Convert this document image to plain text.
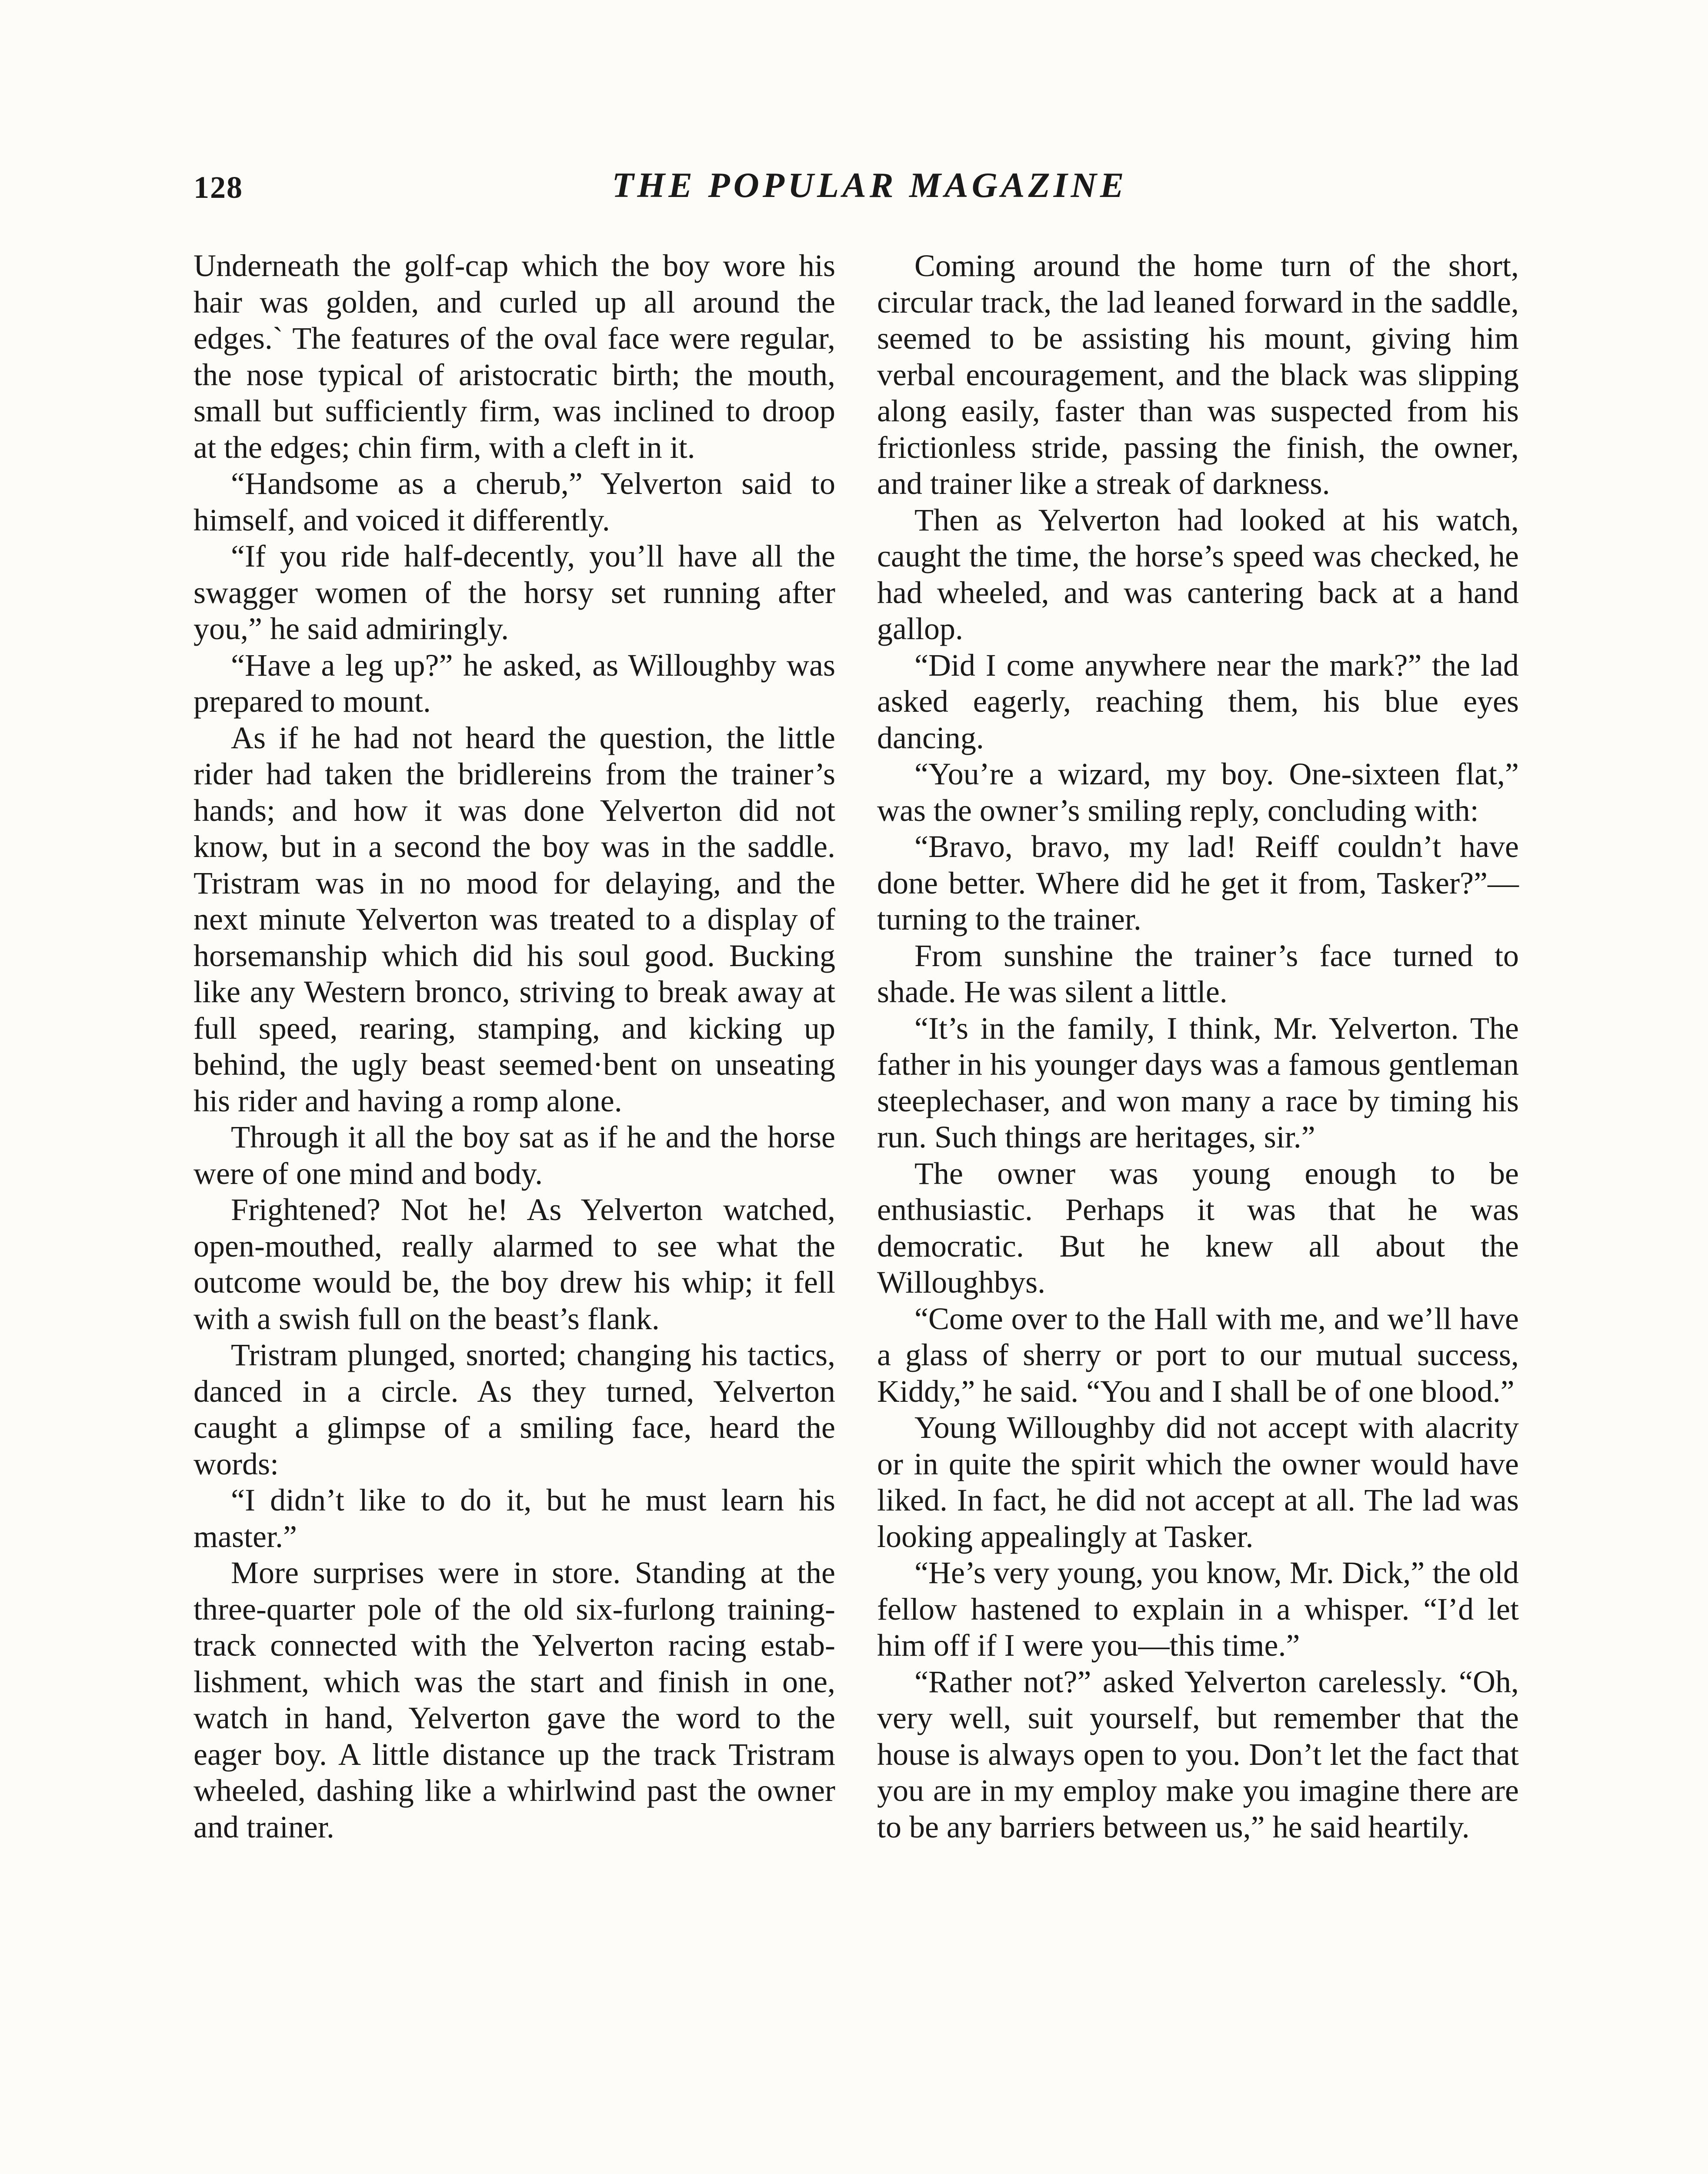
128	THE POPULAR MAGAZINE

Underneath the golf-cap which the boy wore his hair was golden, and curled up all around the edges.` The features of the oval face were regular, the nose typical of aristocratic birth; the mouth, small but sufficiently firm, was inclined to droop at the edges; chin firm, with a cleft in it.

“Handsome as a cherub,” Yelverton said to himself, and voiced it differently.

“If you ride half-decently, you’ll have all the swagger women of the horsy set running after you,” he said admiringly.

“Have a leg up?” he asked, as Willoughby was prepared to mount.

As if he had not heard the question, the little rider had taken the bridlereins from the trainer’s hands; and how it was done Yelverton did not know, but in a second the boy was in the saddle. Tristram was in no mood for delaying, and the next minute Yelverton was treated to a display of horsemanship which did his soul good. Bucking like any Western bronco, striving to break away at full speed, rearing, stamping, and kicking up behind, the ugly beast seemed·bent on unseating his rider and having a romp alone.

Through it all the boy sat as if he and the horse were of one mind and body.

Frightened? Not he! As Yelverton watched, open-mouthed, really alarmed to see what the outcome would be, the boy drew his whip; it fell with a swish full on the beast’s flank.

Tristram plunged, snorted; changing his tactics, danced in a circle. As they turned, Yelverton caught a glimpse of a smiling face, heard the words:

“I didn’t like to do it, but he must learn his master.”

More surprises were in store. Standing at the three-quarter pole of the old six-furlong training-track connected with the Yelverton racing establishment, which was the start and finish in one, watch in hand, Yelverton gave the word to the eager boy. A little distance up the track Tristram wheeled, dashing like a whirlwind past the owner and trainer.

Coming around the home turn of the short, circular track, the lad leaned forward in the saddle, seemed to be assisting his mount, giving him verbal encouragement, and the black was slipping along easily, faster than was suspected from his frictionless stride, passing the finish, the owner, and trainer like a streak of darkness.

Then as Yelverton had looked at his watch, caught the time, the horse’s speed was checked, he had wheeled, and was cantering back at a hand gallop.

“Did I come anywhere near the mark?” the lad asked eagerly, reaching them, his blue eyes dancing.

“You’re a wizard, my boy. One-sixteen flat,” was the owner’s smiling reply, concluding with:

“Bravo, bravo, my lad! Reiff couldn’t have done better. Where did he get it from, Tasker?”—turning to the trainer.

From sunshine the trainer’s face turned to shade. He was silent a little.

“It’s in the family, I think, Mr. Yelverton. The father in his younger days was a famous gentleman steeplechaser, and won many a race by timing his run. Such things are heritages, sir.”

The owner was young enough to be enthusiastic. Perhaps it was that he was democratic. But he knew all about the Willoughbys.

“Come over to the Hall with me, and we’ll have a glass of sherry or port to our mutual success, Kiddy,” he said. “You and I shall be of one blood.”

Young Willoughby did not accept with alacrity or in quite the spirit which the owner would have liked. In fact, he did not accept at all. The lad was looking appealingly at Tasker.

“He’s very young, you know, Mr. Dick,” the old fellow hastened to explain in a whisper. “I’d let him off if I were you—this time.”

“Rather not?” asked Yelverton carelessly. “Oh, very well, suit yourself, but remember that the house is always open to you. Don’t let the fact that you are in my employ make you imagine there are to be any barriers between us,” he said heartily.
